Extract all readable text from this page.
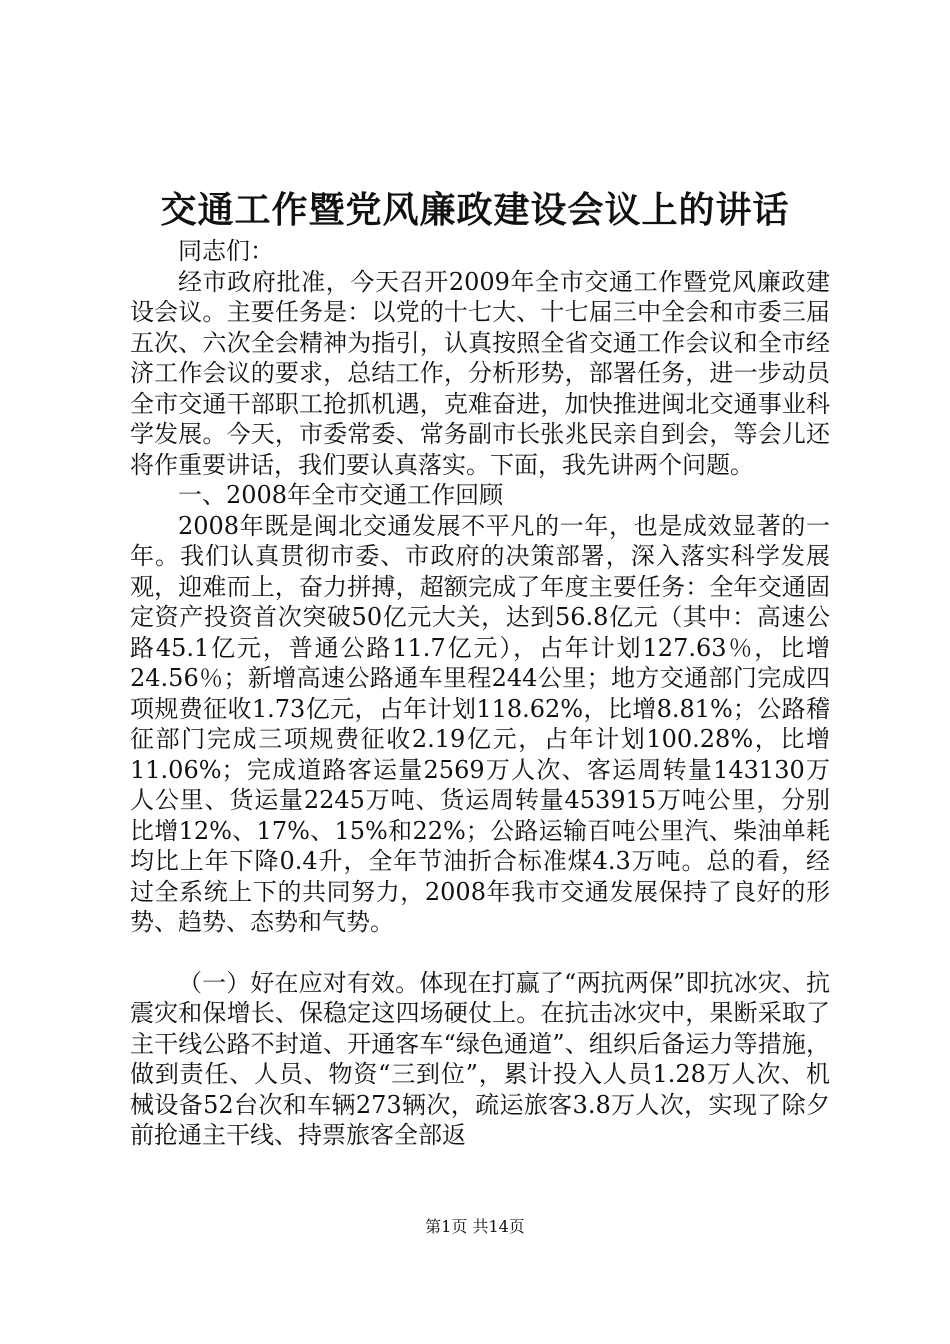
交通工作暨党风廉政建设会议上的讲话

同志们：

经市政府批准，今天召开2009年全市交通工作暨党风廉政建设会议。主要任务是：以党的十七大、十七届三中全会和市委三届五次、六次全会精神为指引，认真按照全省交通工作会议和全市经济工作会议的要求，总结工作，分析形势，部署任务，进一步动员全市交通干部职工抢抓机遇，克难奋进，加快推进闽北交通事业科学发展。今天，市委常委、常务副市长张兆民亲自到会，等会儿还将作重要讲话，我们要认真落实。下面，我先讲两个问题。

一、2008年全市交通工作回顾

2008年既是闽北交通发展不平凡的一年，也是成效显著的一年。我们认真贯彻市委、市政府的决策部署，深入落实科学发展观，迎难而上，奋力拼搏，超额完成了年度主要任务：全年交通固定资产投资首次突破50亿元大关，达到56.8亿元（其中：高速公路45.1亿元，普通公路11.7亿元），占年计划127.63％，比增24.56％；新增高速公路通车里程244公里；地方交通部门完成四项规费征收1.73亿元，占年计划118.62%，比增8.81%；公路稽征部门完成三项规费征收2.19亿元，占年计划100.28%，比增11.06%；完成道路客运量2569万人次、客运周转量143130万人公里、货运量2245万吨、货运周转量453915万吨公里，分别比增12%、17%、15%和22%；公路运输百吨公里汽、柴油单耗均比上年下降0.4升，全年节油折合标准煤4.3万吨。总的看，经过全系统上下的共同努力，2008年我市交通发展保持了良好的形势、趋势、态势和气势。

（一）好在应对有效。体现在打赢了“两抗两保”即抗冰灾、抗震灾和保增长、保稳定这四场硬仗上。在抗击冰灾中，果断采取了主干线公路不封道、开通客车“绿色通道”、组织后备运力等措施，做到责任、人员、物资“三到位”，累计投入人员1.28万人次、机械设备52台次和车辆273辆次，疏运旅客3.8万人次，实现了除夕前抢通主干线、持票旅客全部返

第1页 共14页
